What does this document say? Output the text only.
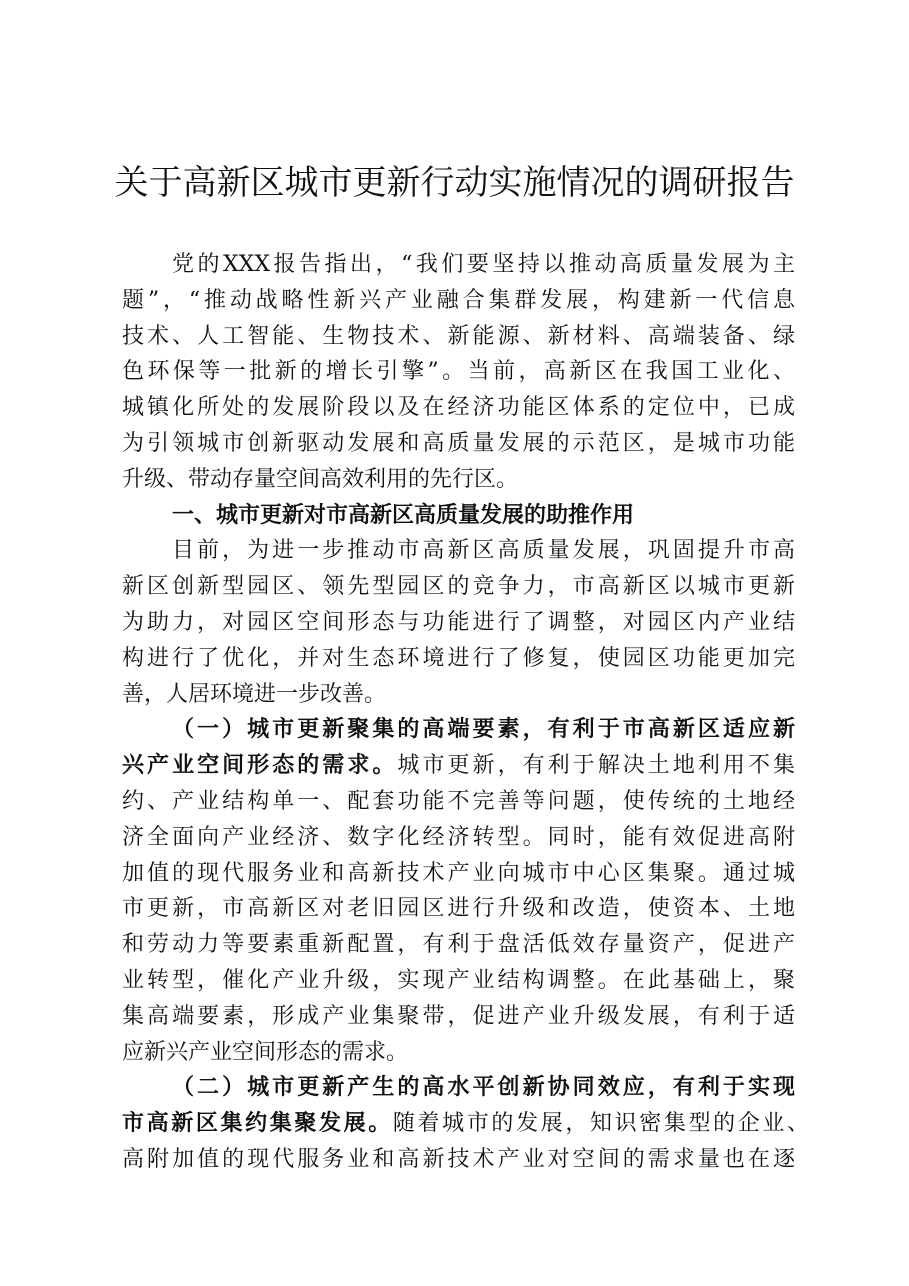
关于高新区城市更新行动实施情况的调研报告
党的XXX报告指出，“我们要坚持以推动高质量发展为主
题”，“推动战略性新兴产业融合集群发展，构建新一代信息
技术、人工智能、生物技术、新能源、新材料、高端装备、绿
色环保等一批新的增长引擎”。当前，高新区在我国工业化、
城镇化所处的发展阶段以及在经济功能区体系的定位中，已成
为引领城市创新驱动发展和高质量发展的示范区，是城市功能
升级、带动存量空间高效利用的先行区。
一、城市更新对市高新区高质量发展的助推作用
目前，为进一步推动市高新区高质量发展，巩固提升市高
新区创新型园区、领先型园区的竞争力，市高新区以城市更新
为助力，对园区空间形态与功能进行了调整，对园区内产业结
构进行了优化，并对生态环境进行了修复，使园区功能更加完
善，人居环境进一步改善。
（一）城市更新聚集的高端要素，有利于市高新区适应新
兴产业空间形态的需求。城市更新，有利于解决土地利用不集
约、产业结构单一、配套功能不完善等问题，使传统的土地经
济全面向产业经济、数字化经济转型。同时，能有效促进高附
加值的现代服务业和高新技术产业向城市中心区集聚。通过城
市更新，市高新区对老旧园区进行升级和改造，使资本、土地
和劳动力等要素重新配置，有利于盘活低效存量资产，促进产
业转型，催化产业升级，实现产业结构调整。在此基础上，聚
集高端要素，形成产业集聚带，促进产业升级发展，有利于适
应新兴产业空间形态的需求。
（二）城市更新产生的高水平创新协同效应，有利于实现
市高新区集约集聚发展。随着城市的发展，知识密集型的企业、
高附加值的现代服务业和高新技术产业对空间的需求量也在逐
